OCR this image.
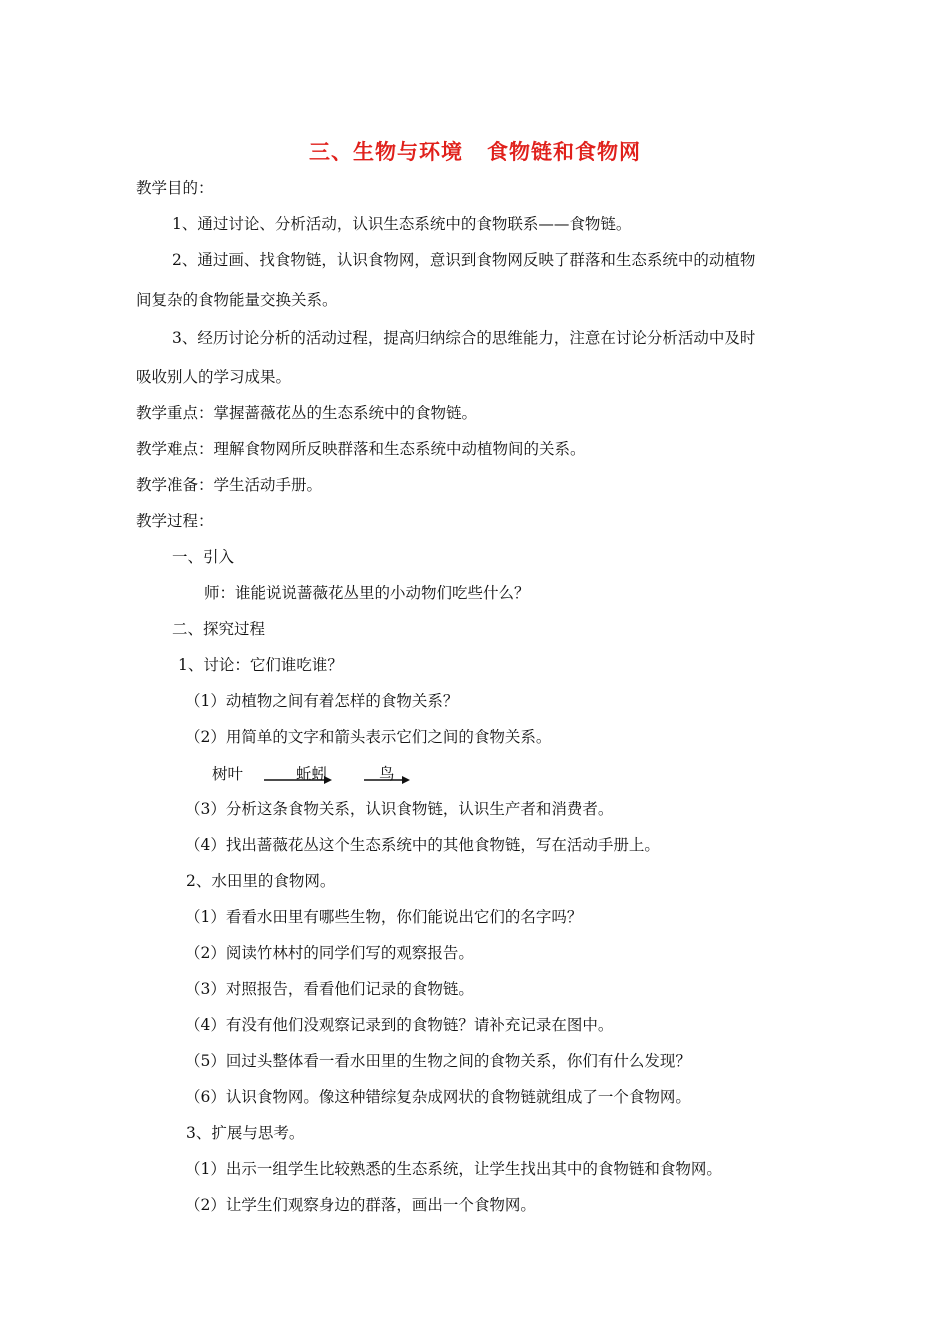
三、生物与环境 食物链和食物网
教学目的：
1、通过讨论、分析活动，认识生态系统中的食物联系——食物链。
2、通过画、找食物链，认识食物网，意识到食物网反映了群落和生态系统中的动植物
间复杂的食物能量交换关系。
3、经历讨论分析的活动过程，提高归纳综合的思维能力，注意在讨论分析活动中及时
吸收别人的学习成果。
教学重点：掌握蔷薇花丛的生态系统中的食物链。
教学难点：理解食物网所反映群落和生态系统中动植物间的关系。
教学准备：学生活动手册。
教学过程：
一、引入
师：谁能说说蔷薇花丛里的小动物们吃些什么？
二、探究过程
1、讨论：它们谁吃谁？
（1）动植物之间有着怎样的食物关系？
（2）用简单的文字和箭头表示它们之间的食物关系。
树叶	蚯蚓	鸟
（3）分析这条食物关系，认识食物链，认识生产者和消费者。
（4）找出蔷薇花丛这个生态系统中的其他食物链，写在活动手册上。
2、水田里的食物网。
（1）看看水田里有哪些生物，你们能说出它们的名字吗？
（2）阅读竹林村的同学们写的观察报告。
（3）对照报告，看看他们记录的食物链。
（4）有没有他们没观察记录到的食物链？请补充记录在图中。
（5）回过头整体看一看水田里的生物之间的食物关系，你们有什么发现？
（6）认识食物网。像这种错综复杂成网状的食物链就组成了一个食物网。
3、扩展与思考。
（1）出示一组学生比较熟悉的生态系统，让学生找出其中的食物链和食物网。
（2）让学生们观察身边的群落，画出一个食物网。
